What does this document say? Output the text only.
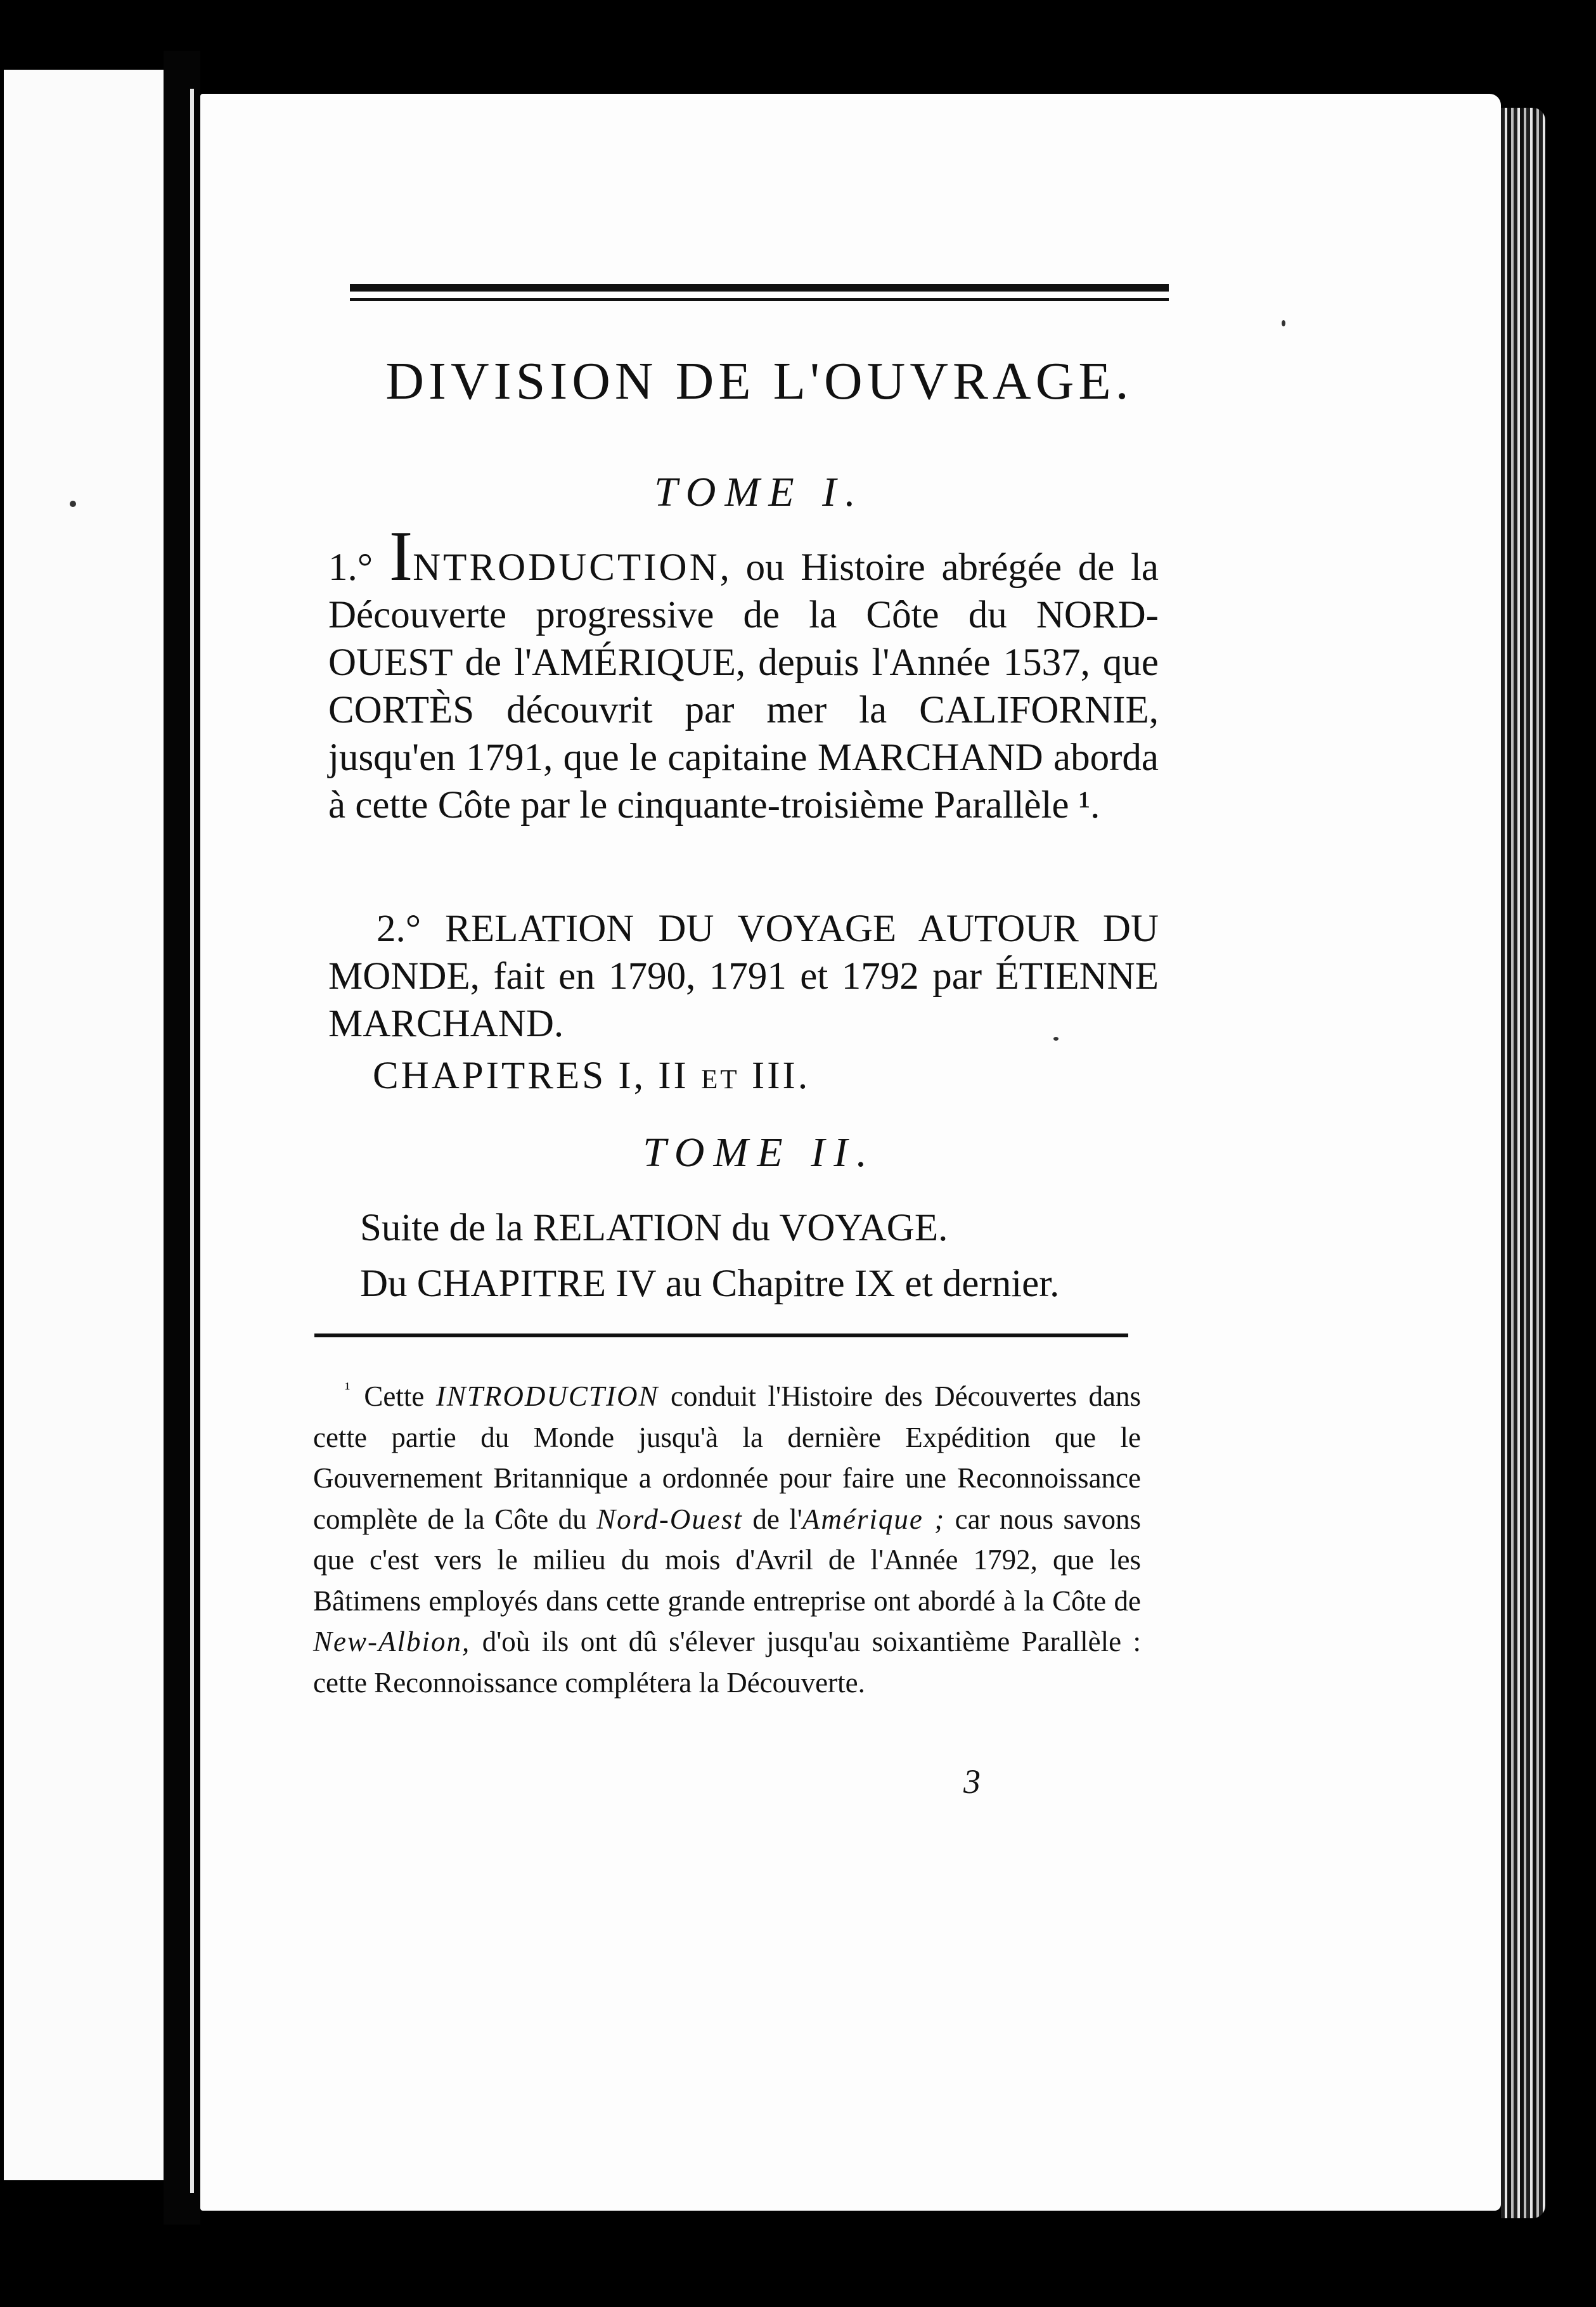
DIVISION DE L'OUVRAGE.
TOME I.
1.° INTRODUCTION, ou Histoire abrégée de la Découverte progressive de la Côte du NORD-OUEST de l'AMÉRIQUE, depuis l'Année 1537, que CORTÈS découvrit par mer la CALIFORNIE, jusqu'en 1791, que le capitaine MARCHAND aborda à cette Côte par le cinquante-troisième Parallèle ¹.
2.° RELATION DU VOYAGE AUTOUR DU MONDE, fait en 1790, 1791 et 1792 par ÉTIENNE MARCHAND.
CHAPITRES I, II et III.
TOME II.
Suite de la RELATION du VOYAGE.
Du CHAPITRE IV au Chapitre IX et dernier.
$^{^1}$ Cette INTRODUCTION conduit l'Histoire des Découvertes dans cette partie du Monde jusqu'à la dernière Expédition que le Gouvernement Britannique a ordonnée pour faire une Reconnoissance complète de la Côte du Nord-Ouest de l'Amérique ; car nous savons que c'est vers le milieu du mois d'Avril de l'Année 1792, que les Bâtimens employés dans cette grande entreprise ont abordé à la Côte de New-Albion, d'où ils ont dû s'élever jusqu'au soixantième Parallèle : cette Reconnoissance complétera la Découverte.
3
